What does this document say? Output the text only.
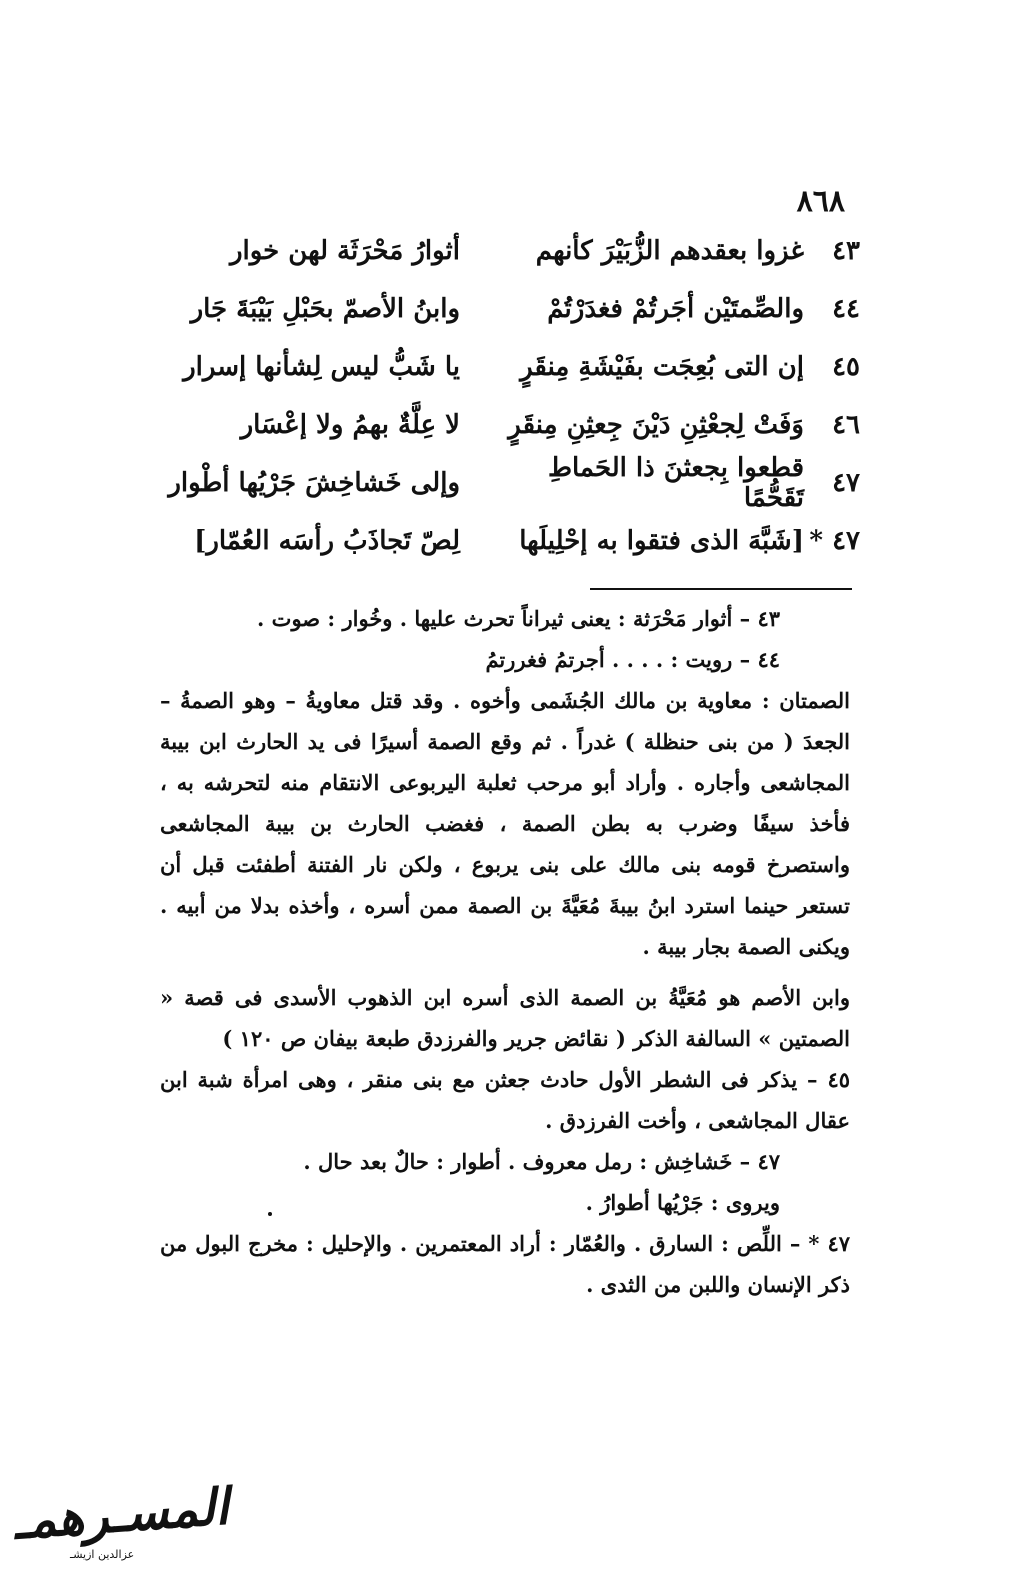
٨٦٨
٤٣
غزوا بعقدهم الزُّبَيْرَ كأنهم
أثوارُ مَحْرَثَة لهن خوار
٤٤
والصِّمتَيْن أجَرتُمْ فغدَرْتُمْ
وابنُ الأصمّ بحَبْلِ بَيْبَةَ جَار
٤٥
إن التى بُعِجَت بفَيْشَةِ مِنقَرٍ
يا شَبُّ ليس لِشأنها إسرار
٤٦
وَفَتْ لِجعْثِنِ دَيْنَ جِعثِنِ مِنقَرٍ
لا عِلَّةٌ بهمُ ولا إعْسَار
٤٧
قطعوا بِجعثنَ ذا الحَماطِ تَقَحُّمًا
وإلى خَشاخِشَ جَرْيُها أطْوار
٤٧ *
[شَبَّهَ الذى فتقوا به إحْلِيلَها
لِصّ تَجاذَبُ رأسَه العُمّار]

٤٣ – أثوار مَحْرَثة : يعنى ثيراناً تحرث عليها . وخُوار : صوت .

٤٤ – رويت : . . . . أجرتمُ فغررتمُ

الصمتان : معاوية بن مالك الجُشَمى وأخوه . وقد قتل معاويةُ – وهو الصمةُ – الجعدَ ( من بنى حنظلة ) غدراً . ثم وقع الصمة أسيرًا فى يد الحارث ابن بيبة المجاشعى وأجاره . وأراد أبو مرحب ثعلبة اليربوعى الانتقام منه لتحرشه به ، فأخذ سيفًا وضرب به بطن الصمة ، فغضب الحارث بن بيبة المجاشعى واستصرخ قومه بنى مالك على بنى يربوع ، ولكن نار الفتنة أطفئت قبل أن تستعر حينما استرد ابنُ بيبةَ مُعَيَّةَ بن الصمة ممن أسره ، وأخذه بدلا من أبيه . ويكنى الصمة بجار بيبة .

وابن الأصم هو مُعَيَّةُ بن الصمة الذى أسره ابن الذهوب الأسدى فى قصة « الصمتين » السالفة الذكر ( نقائض جرير والفرزدق طبعة بيفان ص ١٢٠ )

٤٥ – يذكر فى الشطر الأول حادث جعثن مع بنى منقر ، وهى امرأة شبة ابن عقال المجاشعى ، وأخت الفرزدق .

٤٧ – خَشاخِش : رمل معروف . أطوار : حالٌ بعد حال .

ويروى : جَرْيُها أطوارُ .

٤٧ * – اللِّص : السارق . والعُمّار : أراد المعتمرين . والإحليل : مخرج البول من ذكر الإنسان واللبن من الثدى .

المسـرهمـ
عزالدين ازيشـ
